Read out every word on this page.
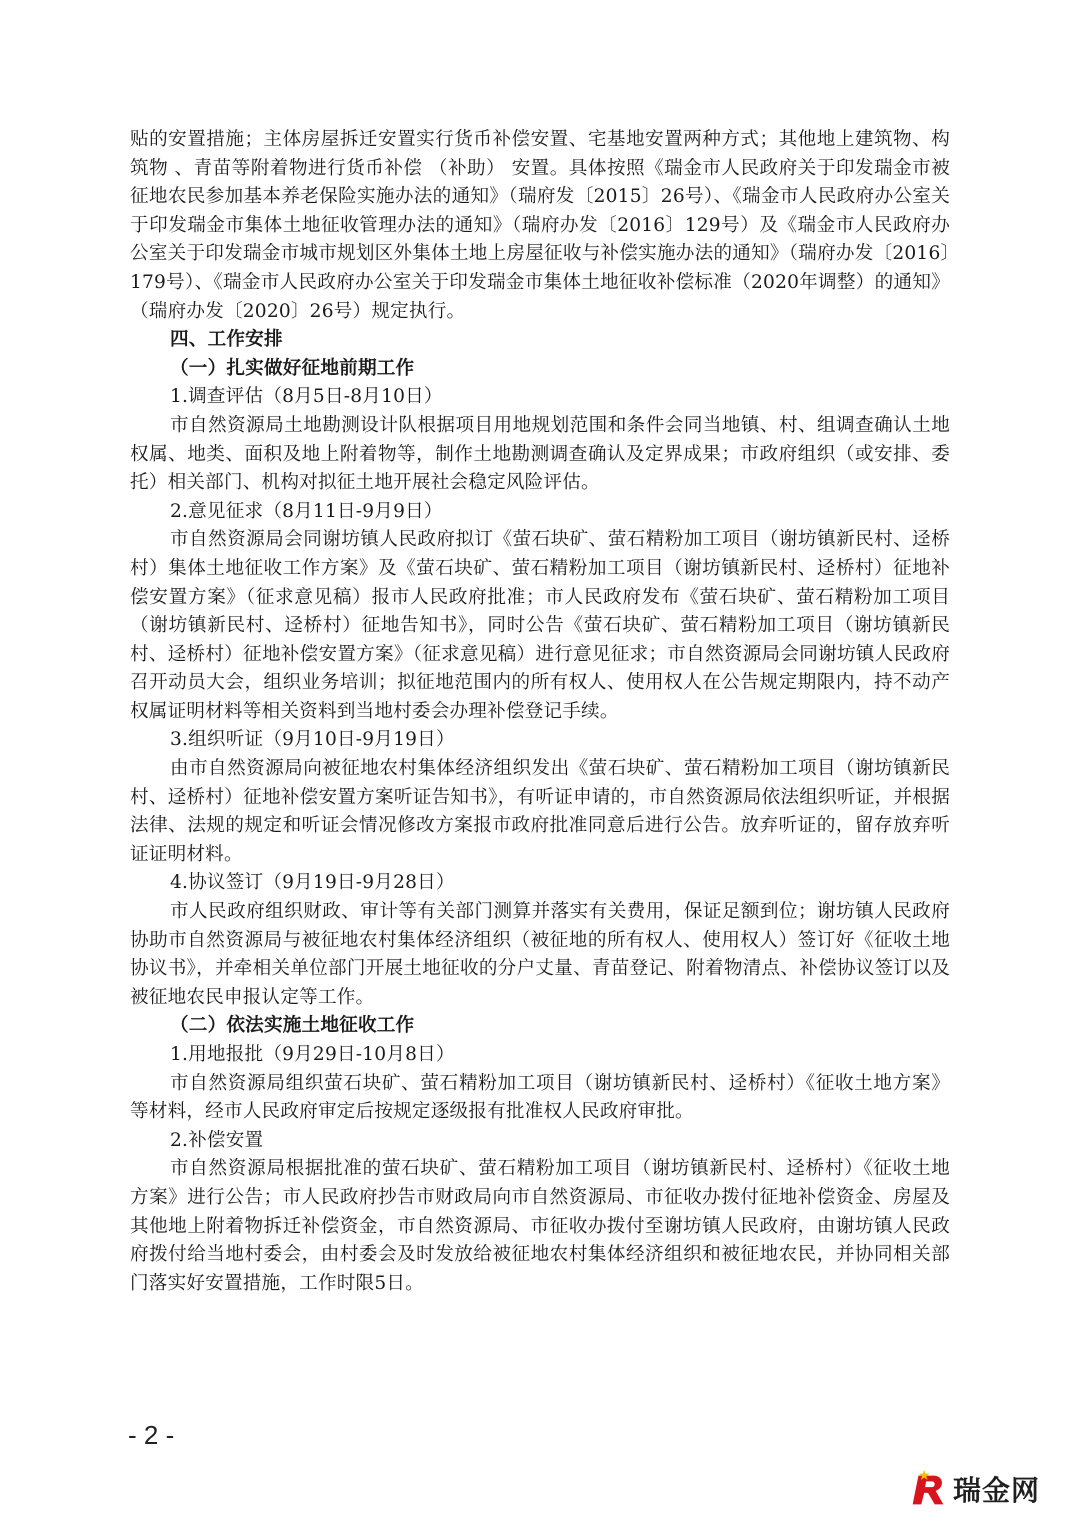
贴的安置措施；主体房屋拆迁安置实行货币补偿安置、宅基地安置两种方式；其他地上建筑物、构筑物 、青苗等附着物进行货币补偿 （补助） 安置。具体按照《瑞金市人民政府关于印发瑞金市被征地农民参加基本养老保险实施办法的通知》（瑞府发〔2015〕26号）、《瑞金市人民政府办公室关于印发瑞金市集体土地征收管理办法的通知》（瑞府办发〔2016〕129号）及《瑞金市人民政府办公室关于印发瑞金市城市规划区外集体土地上房屋征收与补偿实施办法的通知》（瑞府办发〔2016〕179号）、《瑞金市人民政府办公室关于印发瑞金市集体土地征收补偿标准（2020年调整）的通知》（瑞府办发〔2020〕26号）规定执行。

四、工作安排

（一）扎实做好征地前期工作

1.调查评估（8月5日-8月10日）

市自然资源局土地勘测设计队根据项目用地规划范围和条件会同当地镇、村、组调查确认土地权属、地类、面积及地上附着物等，制作土地勘测调查确认及定界成果；市政府组织（或安排、委托）相关部门、机构对拟征土地开展社会稳定风险评估。

2.意见征求（8月11日-9月9日）

市自然资源局会同谢坊镇人民政府拟订《萤石块矿、萤石精粉加工项目（谢坊镇新民村、迳桥村）集体土地征收工作方案》及《萤石块矿、萤石精粉加工项目（谢坊镇新民村、迳桥村）征地补偿安置方案》（征求意见稿）报市人民政府批准；市人民政府发布《萤石块矿、萤石精粉加工项目（谢坊镇新民村、迳桥村）征地告知书》，同时公告《萤石块矿、萤石精粉加工项目（谢坊镇新民村、迳桥村）征地补偿安置方案》（征求意见稿）进行意见征求；市自然资源局会同谢坊镇人民政府召开动员大会，组织业务培训；拟征地范围内的所有权人、使用权人在公告规定期限内，持不动产权属证明材料等相关资料到当地村委会办理补偿登记手续。

3.组织听证（9月10日-9月19日）

由市自然资源局向被征地农村集体经济组织发出《萤石块矿、萤石精粉加工项目（谢坊镇新民村、迳桥村）征地补偿安置方案听证告知书》，有听证申请的，市自然资源局依法组织听证，并根据法律、法规的规定和听证会情况修改方案报市政府批准同意后进行公告。放弃听证的，留存放弃听证证明材料。

4.协议签订（9月19日-9月28日）

市人民政府组织财政、审计等有关部门测算并落实有关费用，保证足额到位；谢坊镇人民政府协助市自然资源局与被征地农村集体经济组织（被征地的所有权人、使用权人）签订好《征收土地协议书》，并牵相关单位部门开展土地征收的分户丈量、青苗登记、附着物清点、补偿协议签订以及被征地农民申报认定等工作。

（二）依法实施土地征收工作

1.用地报批（9月29日-10月8日）

市自然资源局组织萤石块矿、萤石精粉加工项目（谢坊镇新民村、迳桥村）《征收土地方案》等材料，经市人民政府审定后按规定逐级报有批准权人民政府审批。

2.补偿安置

市自然资源局根据批准的萤石块矿、萤石精粉加工项目（谢坊镇新民村、迳桥村）《征收土地方案》进行公告；市人民政府抄告市财政局向市自然资源局、市征收办拨付征地补偿资金、房屋及其他地上附着物拆迁补偿资金，市自然资源局、市征收办拨付至谢坊镇人民政府，由谢坊镇人民政府拨付给当地村委会，由村委会及时发放给被征地农村集体经济组织和被征地农民，并协同相关部门落实好安置措施，工作时限5日。

- 2 -
瑞金网
